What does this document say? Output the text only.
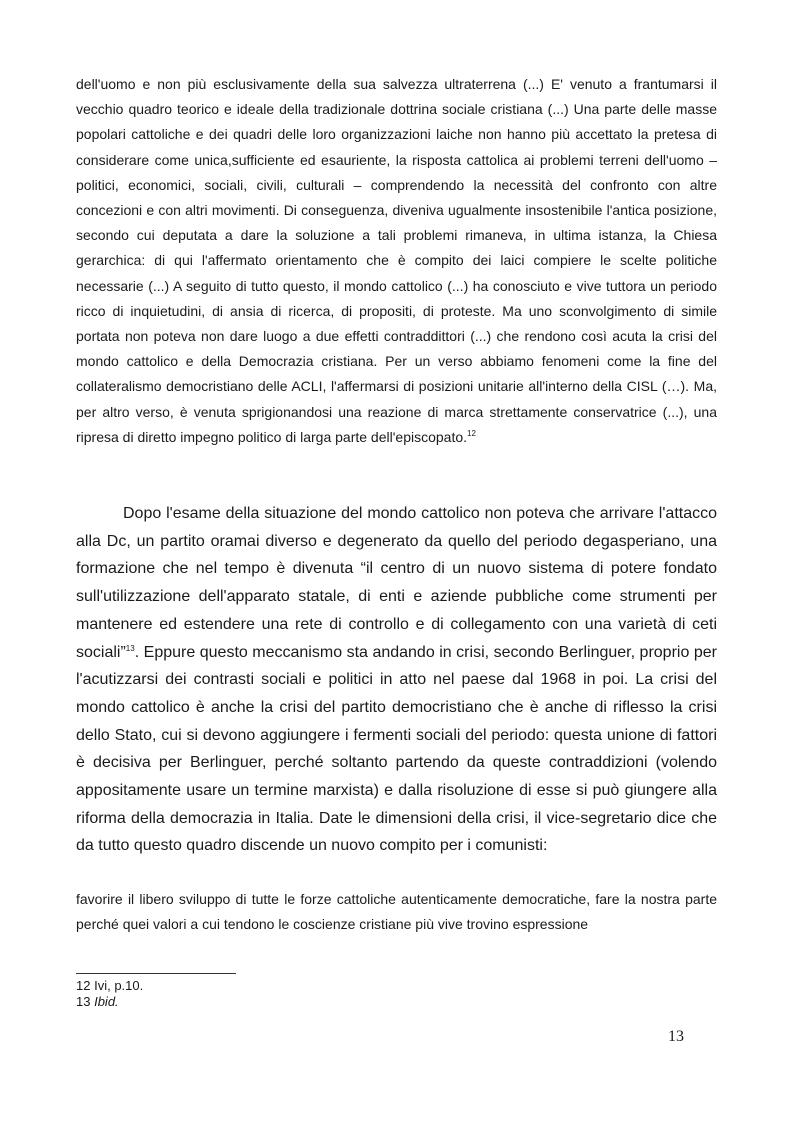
dell'uomo e non più esclusivamente della sua salvezza ultraterrena (...) E' venuto a frantumarsi il vecchio quadro teorico e ideale della tradizionale dottrina sociale cristiana (...) Una parte delle masse popolari cattoliche e dei quadri delle loro organizzazioni laiche non hanno più accettato la pretesa di considerare come unica,sufficiente ed esauriente, la risposta cattolica ai problemi terreni dell'uomo – politici, economici, sociali, civili, culturali – comprendendo la necessità del confronto con altre concezioni e con altri movimenti. Di conseguenza, diveniva ugualmente insostenibile l'antica posizione, secondo cui deputata a dare la soluzione a tali problemi rimaneva, in ultima istanza, la Chiesa gerarchica: di qui l'affermato orientamento che è compito dei laici compiere le scelte politiche necessarie (...) A seguito di tutto questo, il mondo cattolico (...) ha conosciuto e vive tuttora un periodo ricco di inquietudini, di ansia di ricerca, di propositi, di proteste. Ma uno sconvolgimento di simile portata non poteva non dare luogo a due effetti contraddittori (...) che rendono così acuta la crisi del mondo cattolico e della Democrazia cristiana. Per un verso abbiamo fenomeni come la fine del collateralismo democristiano delle ACLI, l'affermarsi di posizioni unitarie all'interno della CISL (…). Ma, per altro verso, è venuta sprigionandosi una reazione di marca strettamente conservatrice (...), una ripresa di diretto impegno politico di larga parte dell'episcopato.$^{12}$

Dopo l'esame della situazione del mondo cattolico non poteva che arrivare l'attacco alla Dc, un partito oramai diverso e degenerato da quello del periodo degasperiano, una formazione che nel tempo è divenuta “il centro di un nuovo sistema di potere fondato sull'utilizzazione dell'apparato statale, di enti e aziende pubbliche come strumenti per mantenere ed estendere una rete di controllo e di collegamento con una varietà di ceti sociali”$^{13}$. Eppure questo meccanismo sta andando in crisi, secondo Berlinguer, proprio per l'acutizzarsi dei contrasti sociali e politici in atto nel paese dal 1968 in poi. La crisi del mondo cattolico è anche la crisi del partito democristiano che è anche di riflesso la crisi dello Stato, cui si devono aggiungere i fermenti sociali del periodo: questa unione di fattori è decisiva per Berlinguer, perché soltanto partendo da queste contraddizioni (volendo appositamente usare un termine marxista) e dalla risoluzione di esse si può giungere alla riforma della democrazia in Italia. Date le dimensioni della crisi, il vice-segretario dice che da tutto questo quadro discende un nuovo compito per i comunisti:

favorire il libero sviluppo di tutte le forze cattoliche autenticamente democratiche, fare la nostra parte perché quei valori a cui tendono le coscienze cristiane più vive trovino espressione

12 Ivi, p.10.
13 Ibid.
13
